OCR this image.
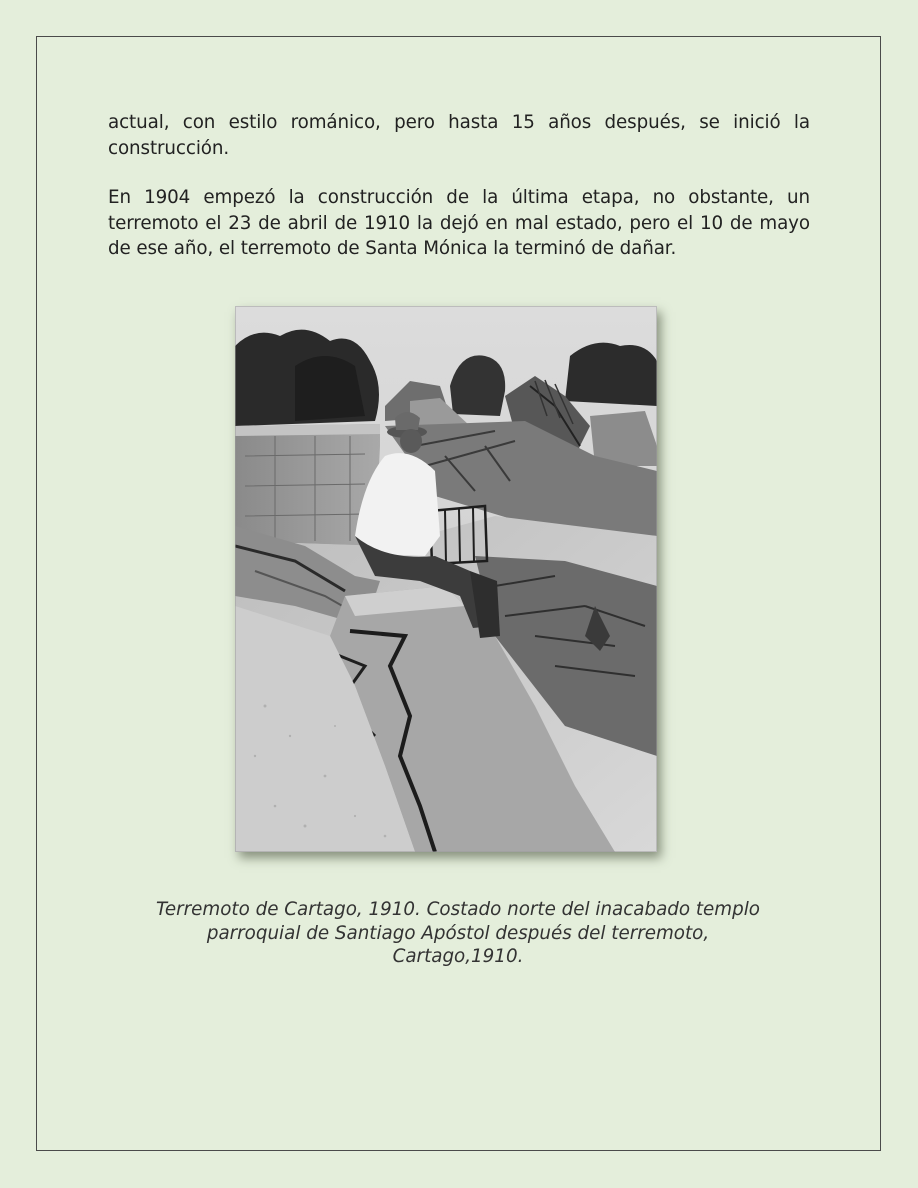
actual, con estilo románico, pero hasta 15 años después, se inició la construcción.

En 1904 empezó la construcción de la última etapa, no obstante, un terremoto el 23 de abril de 1910 la dejó en mal estado, pero el 10 de mayo de ese año, el terremoto de Santa Mónica la terminó de dañar.

Terremoto de Cartago, 1910. Costado norte del inacabado templo
parroquial de Santiago Apóstol después del terremoto,
Cartago,1910.
